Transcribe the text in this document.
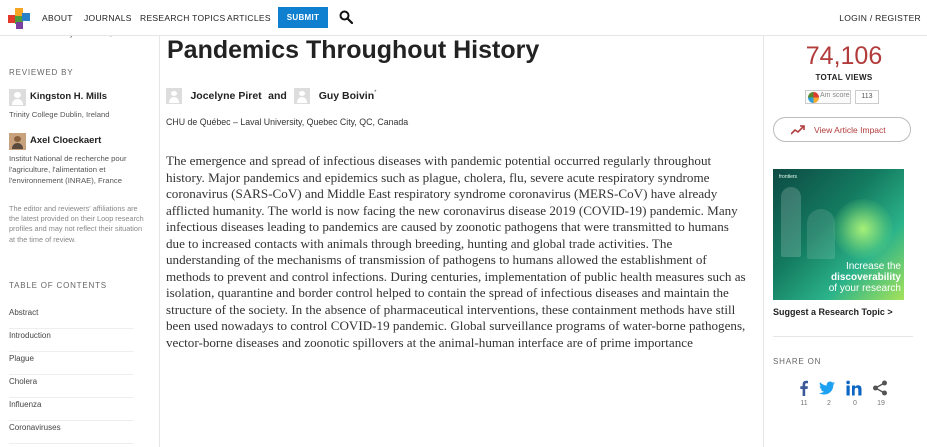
ABOUT JOURNALS RESEARCH TOPICS ARTICLES	SUBMIT	LOGIN / REGISTER
REVIEWED BY
Kingston H. Mills
Trinity College Dublin, Ireland
Axel Cloeckaert
Institut National de recherche pour l'agriculture, l'alimentation et l'environnement (INRAE), France
The editor and reviewers' affiliations are the latest provided on their Loop research profiles and may not reflect their situation at the time of review.
TABLE OF CONTENTS
Abstract
Introduction
Plague
Cholera
Influenza
Coronaviruses
Pandemics Throughout History
Jocelyne Piret and	Guy Boivin*
CHU de Québec – Laval University, Quebec City, QC, Canada

The emergence and spread of infectious diseases with pandemic potential occurred regularly throughout history. Major pandemics and epidemics such as plague, cholera, flu, severe acute respiratory syndrome coronavirus (SARS-CoV) and Middle East respiratory syndrome coronavirus (MERS-CoV) have already afflicted humanity. The world is now facing the new coronavirus disease 2019 (COVID-19) pandemic. Many infectious diseases leading to pandemics are caused by zoonotic pathogens that were transmitted to humans due to increased contacts with animals through breeding, hunting and global trade activities. The understanding of the mechanisms of transmission of pathogens to humans allowed the establishment of methods to prevent and control infections. During centuries, implementation of public health measures such as isolation, quarantine and border control helped to contain the spread of infectious diseases and maintain the structure of the society. In the absence of pharmaceutical interventions, these containment methods have still been used nowadays to control COVID-19 pandemic. Global surveillance programs of water-borne pathogens, vector-borne diseases and zoonotic spillovers at the animal-human interface are of prime importance

74,106
TOTAL VIEWS
Am score	113
View Article Impact
frontiers
Increase the
discoverability
of your research
Suggest a Research Topic >
SHARE ON
11	2	0	19
